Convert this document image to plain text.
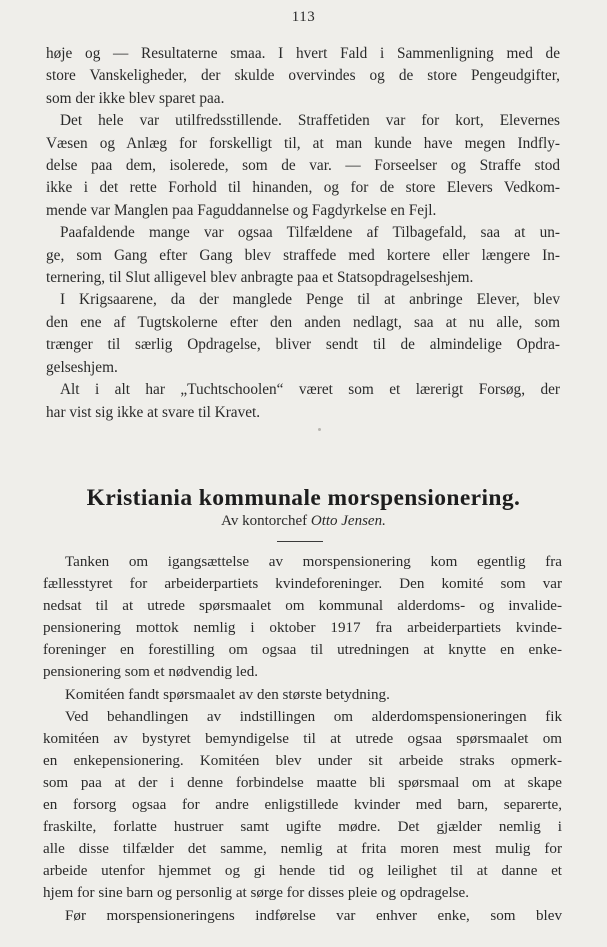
113
høje og — Resultaterne smaa. I hvert Fald i Sammenligning med de
store Vanskeligheder, der skulde overvindes og de store Pengeudgifter,
som der ikke blev sparet paa.
Det hele var utilfredsstillende. Straffetiden var for kort, Elevernes
Væsen og Anlæg for forskelligt til, at man kunde have megen Indfly-
delse paa dem, isolerede, som de var. — Forseelser og Straffe stod
ikke i det rette Forhold til hinanden, og for de store Elevers Vedkom-
mende var Manglen paa Faguddannelse og Fagdyrkelse en Fejl.
Paafaldende mange var ogsaa Tilfældene af Tilbagefald, saa at un-
ge, som Gang efter Gang blev straffede med kortere eller længere In-
ternering, til Slut alligevel blev anbragte paa et Statsopdragelseshjem.
I Krigsaarene, da der manglede Penge til at anbringe Elever, blev
den ene af Tugtskolerne efter den anden nedlagt, saa at nu alle, som
trænger til særlig Opdragelse, bliver sendt til de almindelige Opdra-
gelseshjem.
Alt i alt har „Tuchtschoolen“ været som et lærerigt Forsøg, der
har vist sig ikke at svare til Kravet.
Kristiania kommunale morspensionering.
Av kontorchef Otto Jensen.
Tanken om igangsættelse av morspensionering kom egentlig fra
fællesstyret for arbeiderpartiets kvindeforeninger. Den komité som var
nedsat til at utrede spørsmaalet om kommunal alderdoms- og invalide-
pensionering mottok nemlig i oktober 1917 fra arbeiderpartiets kvinde-
foreninger en forestilling om ogsaa til utredningen at knytte en enke-
pensionering som et nødvendig led.
Komitéen fandt spørsmaalet av den største betydning.
Ved behandlingen av indstillingen om alderdomspensioneringen fik
komitéen av bystyret bemyndigelse til at utrede ogsaa spørsmaalet om
en enkepensionering. Komitéen blev under sit arbeide straks opmerk-
som paa at der i denne forbindelse maatte bli spørsmaal om at skape
en forsorg ogsaa for andre enligstillede kvinder med barn, separerte,
fraskilte, forlatte hustruer samt ugifte mødre. Det gjælder nemlig i
alle disse tilfælder det samme, nemlig at frita moren mest mulig for
arbeide utenfor hjemmet og gi hende tid og leilighet til at danne et
hjem for sine barn og personlig at sørge for disses pleie og opdragelse.
Før morspensioneringens indførelse var enhver enke, som blev
